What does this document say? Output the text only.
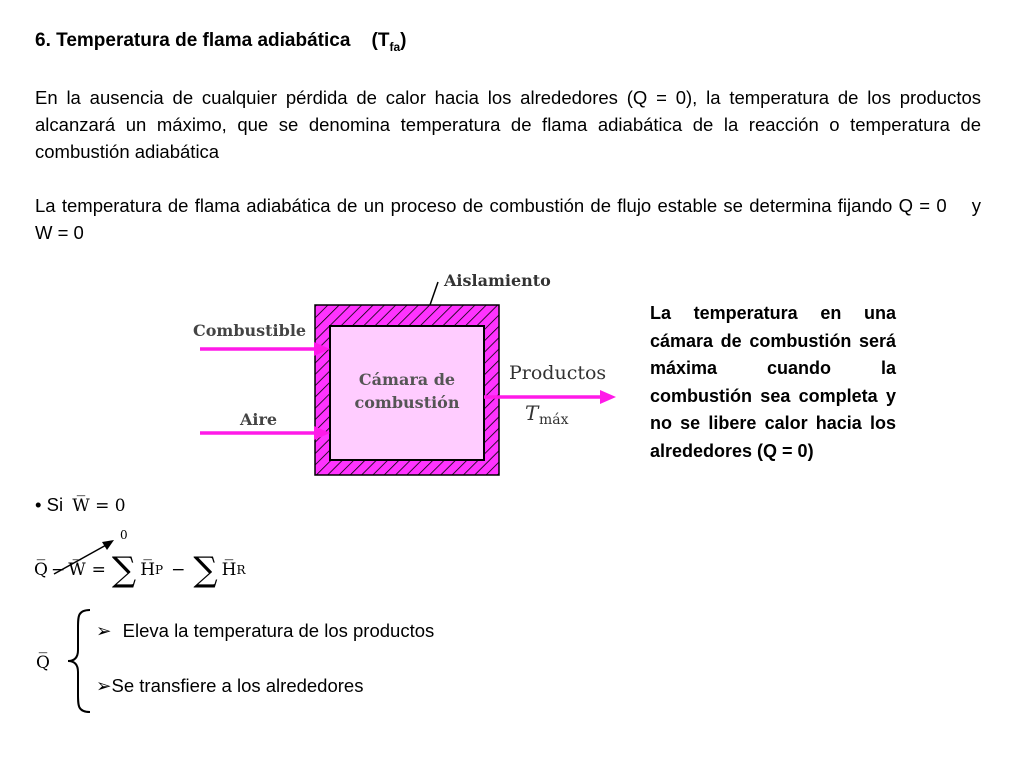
6. Temperatura de flama adiabática $(T_{fa})$
En la ausencia de cualquier pérdida de calor hacia los alrededores (Q = 0), la temperatura de los productos alcanzará un máximo, que se denomina temperatura de flama adiabática de la reacción o temperatura de combustión adiabática
La temperatura de flama adiabática de un proceso de combustión de flujo estable se determina fijando Q = 0    y    W = 0
Aislamiento
Combustible
Aire
Cámara de
combustión
Productos
T máx
La temperatura en una cámara de combustión será máxima cuando la combustión sea completa y no se libere calor hacia los alrededores (Q = 0)
• Si W̅ = 0
0
Q̅ − W̅ = ∑ H̅ P − ∑ H̅ R
Q̅
➢ Eleva la temperatura de los productos
➢Se transfiere a los alrededores
